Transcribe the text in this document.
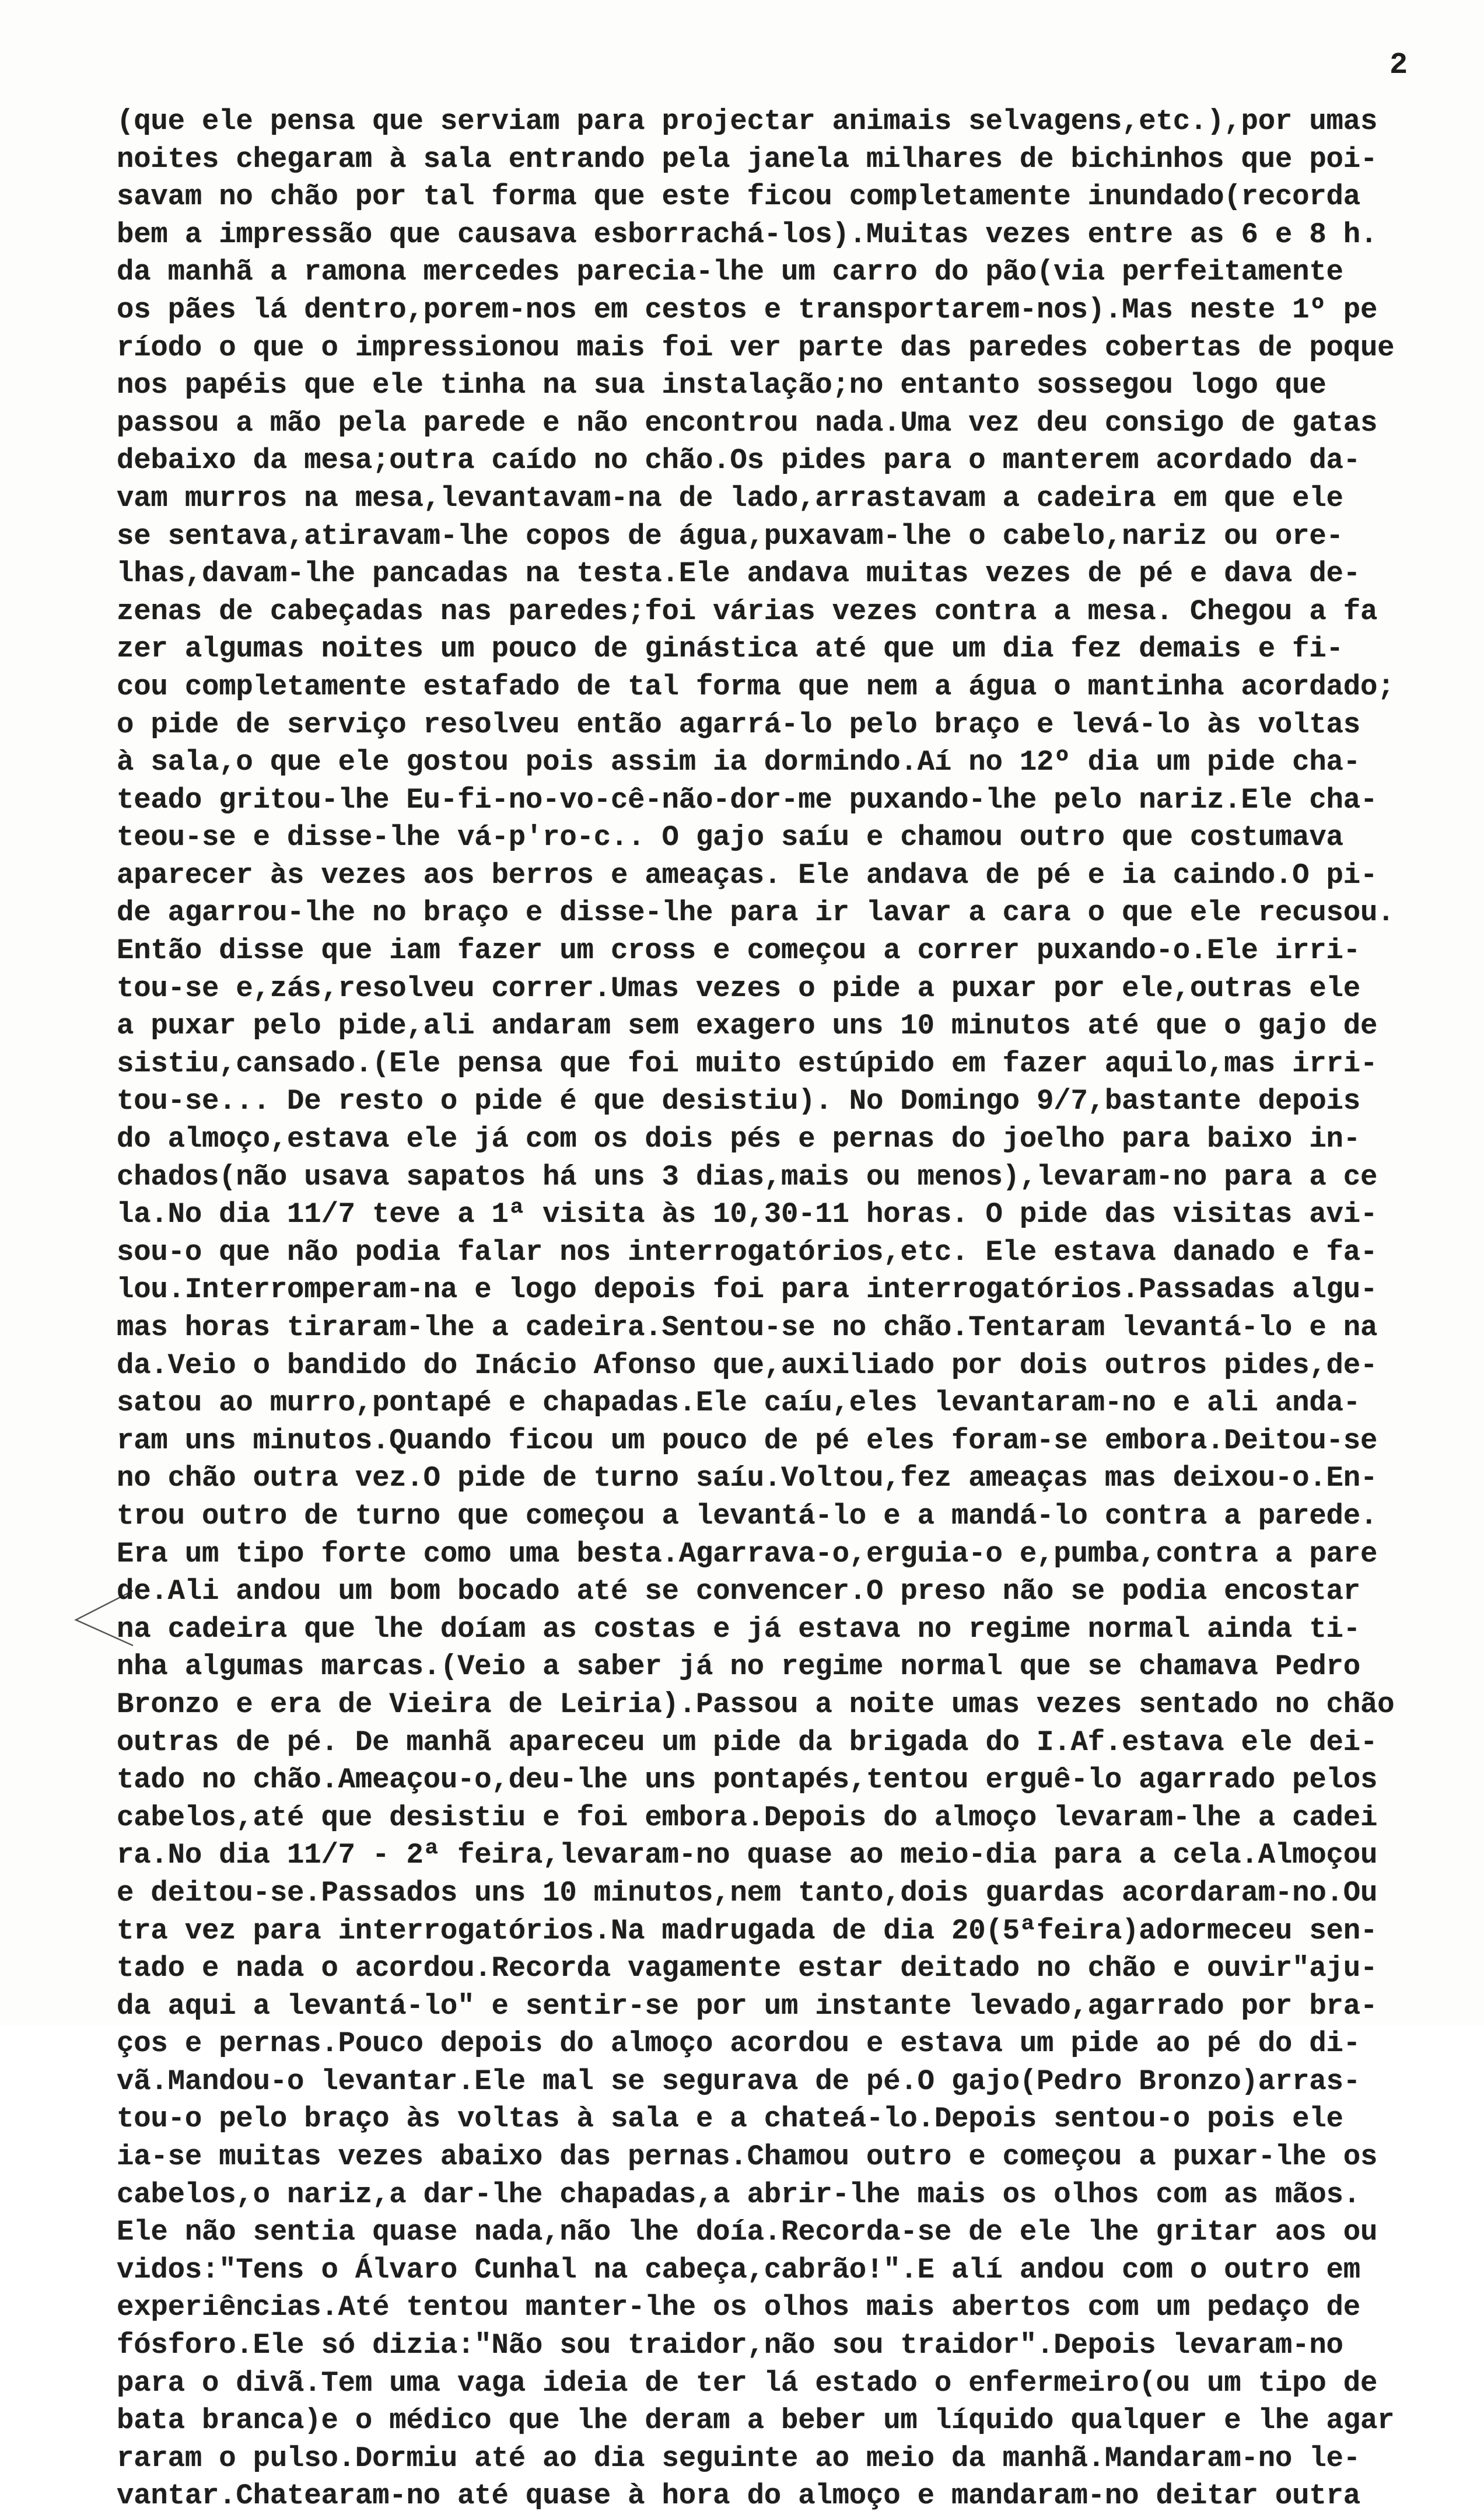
2
(que ele pensa que serviam para projectar animais selvagens,etc.),por umas
noites chegaram à sala entrando pela janela milhares de bichinhos que poi-
savam no chão por tal forma que este ficou completamente inundado(recorda
bem a impressão que causava esborrachá-los).Muitas vezes entre as 6 e 8 h.
da manhã a ramona mercedes parecia-lhe um carro do pão(via perfeitamente
os pães lá dentro,porem-nos em cestos e transportarem-nos).Mas neste 1º pe
ríodo o que o impressionou mais foi ver parte das paredes cobertas de poque
nos papéis que ele tinha na sua instalação;no entanto sossegou logo que
passou a mão pela parede e não encontrou nada.Uma vez deu consigo de gatas
debaixo da mesa;outra caído no chão.Os pides para o manterem acordado da-
vam murros na mesa,levantavam-na de lado,arrastavam a cadeira em que ele
se sentava,atiravam-lhe copos de água,puxavam-lhe o cabelo,nariz ou ore-
lhas,davam-lhe pancadas na testa.Ele andava muitas vezes de pé e dava de-
zenas de cabeçadas nas paredes;foi várias vezes contra a mesa. Chegou a fa
zer algumas noites um pouco de ginástica até que um dia fez demais e fi-
cou completamente estafado de tal forma que nem a água o mantinha acordado;
o pide de serviço resolveu então agarrá-lo pelo braço e levá-lo às voltas
à sala,o que ele gostou pois assim ia dormindo.Aí no 12º dia um pide cha-
teado gritou-lhe Eu-fi-no-vo-cê-não-dor-me puxando-lhe pelo nariz.Ele cha-
teou-se e disse-lhe vá-p'ro-c.. O gajo saíu e chamou outro que costumava
aparecer às vezes aos berros e ameaças. Ele andava de pé e ia caindo.O pi-
de agarrou-lhe no braço e disse-lhe para ir lavar a cara o que ele recusou.
Então disse que iam fazer um cross e começou a correr puxando-o.Ele irri-
tou-se e,zás,resolveu correr.Umas vezes o pide a puxar por ele,outras ele
a puxar pelo pide,ali andaram sem exagero uns 10 minutos até que o gajo de
sistiu,cansado.(Ele pensa que foi muito estúpido em fazer aquilo,mas irri-
tou-se... De resto o pide é que desistiu). No Domingo 9/7,bastante depois
do almoço,estava ele já com os dois pés e pernas do joelho para baixo in-
chados(não usava sapatos há uns 3 dias,mais ou menos),levaram-no para a ce
la.No dia 11/7 teve a 1ª visita às 10,30-11 horas. O pide das visitas avi-
sou-o que não podia falar nos interrogatórios,etc. Ele estava danado e fa-
lou.Interromperam-na e logo depois foi para interrogatórios.Passadas algu-
mas horas tiraram-lhe a cadeira.Sentou-se no chão.Tentaram levantá-lo e na
da.Veio o bandido do Inácio Afonso que,auxiliado por dois outros pides,de-
satou ao murro,pontapé e chapadas.Ele caíu,eles levantaram-no e ali anda-
ram uns minutos.Quando ficou um pouco de pé eles foram-se embora.Deitou-se
no chão outra vez.O pide de turno saíu.Voltou,fez ameaças mas deixou-o.En-
trou outro de turno que começou a levantá-lo e a mandá-lo contra a parede.
Era um tipo forte como uma besta.Agarrava-o,erguia-o e,pumba,contra a pare
de.Ali andou um bom bocado até se convencer.O preso não se podia encostar
na cadeira que lhe doíam as costas e já estava no regime normal ainda ti-
nha algumas marcas.(Veio a saber já no regime normal que se chamava Pedro
Bronzo e era de Vieira de Leiria).Passou a noite umas vezes sentado no chão
outras de pé. De manhã apareceu um pide da brigada do I.Af.estava ele dei-
tado no chão.Ameaçou-o,deu-lhe uns pontapés,tentou erguê-lo agarrado pelos
cabelos,até que desistiu e foi embora.Depois do almoço levaram-lhe a cadei
ra.No dia 11/7 - 2ª feira,levaram-no quase ao meio-dia para a cela.Almoçou
e deitou-se.Passados uns 10 minutos,nem tanto,dois guardas acordaram-no.Ou
tra vez para interrogatórios.Na madrugada de dia 20(5ªfeira)adormeceu sen-
tado e nada o acordou.Recorda vagamente estar deitado no chão e ouvir"aju-
da aqui a levantá-lo" e sentir-se por um instante levado,agarrado por bra-
ços e pernas.Pouco depois do almoço acordou e estava um pide ao pé do di-
vã.Mandou-o levantar.Ele mal se segurava de pé.O gajo(Pedro Bronzo)arras-
tou-o pelo braço às voltas à sala e a chateá-lo.Depois sentou-o pois ele
ia-se muitas vezes abaixo das pernas.Chamou outro e começou a puxar-lhe os
cabelos,o nariz,a dar-lhe chapadas,a abrir-lhe mais os olhos com as mãos.
Ele não sentia quase nada,não lhe doía.Recorda-se de ele lhe gritar aos ou
vidos:"Tens o Álvaro Cunhal na cabeça,cabrão!".E alí andou com o outro em
experiências.Até tentou manter-lhe os olhos mais abertos com um pedaço de
fósforo.Ele só dizia:"Não sou traidor,não sou traidor".Depois levaram-no
para o divã.Tem uma vaga ideia de ter lá estado o enfermeiro(ou um tipo de
bata branca)e o médico que lhe deram a beber um líquido qualquer e lhe agar
raram o pulso.Dormiu até ao dia seguinte ao meio da manhã.Mandaram-no le-
vantar.Chatearam-no até quase à hora do almoço e mandaram-no deitar outra
